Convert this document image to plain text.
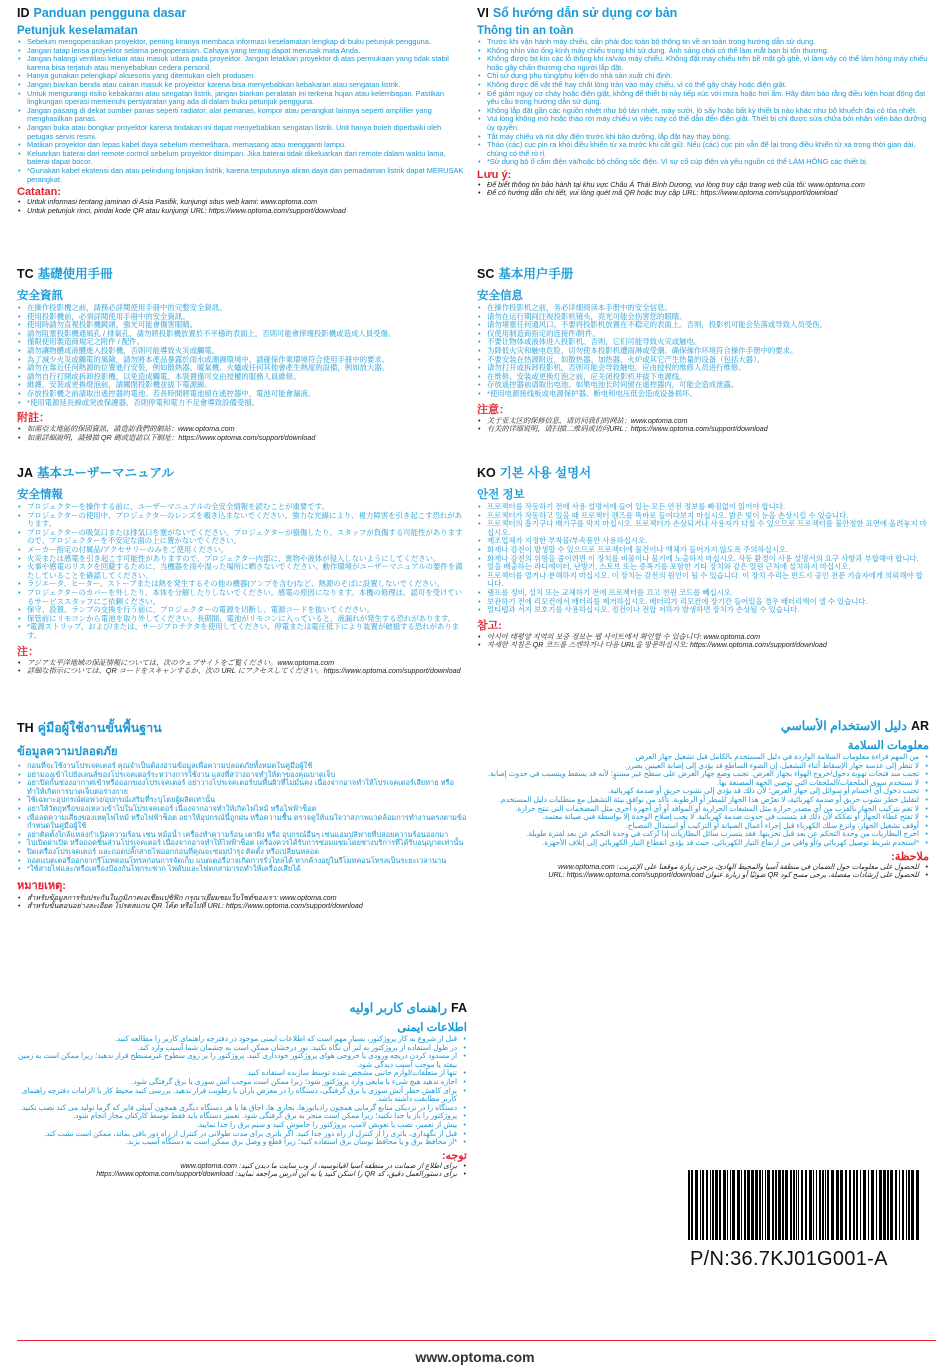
ID Panduan pengguna dasar
Petunjuk keselamatan
• Sebelum mengoperasikan proyektor, penting kiranya membaca informasi keselamatan lengkap di buku petunjuk pengguna.
• Jangan tatap lensa proyektor selama pengoperasian. Cahaya yang terang dapat merusak mata Anda.
• Jangan halangi ventilasi keluar atau masuk udara pada proyektor. Jangan letakkan proyektor di atas permukaan yang tidak stabil karena bisa terjatuh atau menyebabkan cedera personil.
• Hanya gunakan pelengkap/ aksesoris yang ditentukan oleh produsen.
• Jangan biarkan benda atau cairan masuk ke proyektor karena bisa menyebabkan kebakaran atau sengatan listrik.
• Untuk mengurangi risiko kebakaran atau sengatan listrik, jangan biarkan peralatan ini terkena hujan atau kelembapan. Pastikan lingkungan operasi memenuhi persyaratan yang ada di dalam buku petunjuk pengguna.
• Jangan pasang di dekat sumber panas seperti radiator, alat pemanas, kompor atau perangkat lainnya seperti amplifier yang menghasilkan panas.
• Jangan buka atau bongkar proyektor karena tindakan ini dapat menyebabkan sengatan listrik. Unit hanya boleh diperbaiki oleh petugas servis resmi.
• Matikan proyektor dan lepas kabel daya sebelum memelihara, memasang atau mengganti lampu.
• Keluarkan baterai dari remote control sebelum proyektor disimpan. Jika baterai tidak dikeluarkan dari remote dalam waktu lama, baterai dapat bocor.
• *Gunakan kabel ekstensi dan atau pelindung lonjakan listrik, karena terputusnya aliran daya dan pemadaman listrik dapat MERUSAK perangkat.
Catatan:
• Untuk informasi tentang jaminan di Asia Pasifik, kunjungi situs web kami: www.optoma.com
• Untuk petunjuk rinci, pindai kode QR atau kunjungi URL: https://www.optoma.com/support/download
TC 基礎使用手冊
安全資訊
• 在操作投影機之前，請務必詳閱使用手冊中的完整安全資訊。
• 使用投影機前，必須詳閱使用手冊中的安全資訊。
• 使用時請勿直視投影機鏡頭，強光可能會傷害眼睛。
• 請勿阻塞投影機通風孔 / 排氣孔，請勿將投影機放置於不平穩的表面上，否則可能會摔壞投影機或造成人員受傷。
• 僅限使用製造商規定之附件 / 配件。
• 請勿讓物體或液體進入投影機，否則可能導致火災或觸電。
• 為了減少火災或觸電的風險，請勿將本產品暴露於雨水或潮濕環境中。請確保作業環境符合使用手冊中的要求。
• 請勿在靠近任何熱源的位置進行安裝，例如散熱器、暖氣機、火爐或任何其他會產生熱度的設備，例如放大器。
• 請勿自行打開或拆卸投影機，以免造成觸電。本裝置僅可交由授權的服務人員維修。
• 維護、安裝或更換燈泡前，請關閉投影機並拔下電源線。
• 存放投影機之前請取出遙控器的電池。若長時間將電池留在遙控器中，電池可能會漏液。
• *使用電源延長線或突波保護器，否則停電和電力不足會導致設備受損。
附註：
• 如需亞太地區的保固資訊，請造訪我們的網站：www.optoma.com
• 如需詳細說明，請掃描 QR 碼或造訪以下網址：https://www.optoma.com/support/download
JA 基本ユーザーマニュアル
安全情報
• プロジェクターを操作する前に、ユーザーマニュアルの全安全情報を読むことが重要です。
• プロジェクターの使用中、プロジェクターのレンズを覗き込まないでください。強力な光線により、視力障害を引き起こす恐れがあります。
• プロジェクターの吸気口または排気口を塞がないでください。プロジェクターが損傷したり、スタッフが負傷する可能性がありますので、プロジェクターを不安定な面の上に置かないでください。
• メーカー指定の付属品/アクセサリーのみをご使用ください。
• 火災または感電を引き起こす可能性がありますので、プロジェクター内部に、異物や液体が侵入しないようにしてください。
• 火事や感電のリスクを回避するために、当機器を雨や湿った場所に晒さないでください。動作環境がユーザーマニュアルの要件を満たしていることを確認してください。
• ラジエータ、ヒーター、ストーブまたは熱を発生するその他の機器(アンプを含む)など、熱源のそばに設置しないでください。
• プロジェクターのカバーを外したり、本体を分解したりしないでください。感電の原因になります。本機の修理は、認可を受けているサービススタッフにご依頼ください。
• 保守、設置、ランプの交換を行う前に、プロジェクターの電源を切断し、電源コードを抜いてください。
• 保管前にリモコンから電池を取り外してください。長期間、電池がリモコンに入っていると、液漏れが発生する恐れがあります。
• *電源ストリップ、および/または、サージプロテクタを使用してください。停電または電圧低下により装置が破損する恐れがあります。
注：
• アジア太平洋地域の保証情報については、次のウェブサイトをご覧ください。www.optoma.com
• 詳細な指示については、QR コードをスキャンするか、次の URL にアクセスしてください。https://www.optoma.com/support/download
TH คู่มือผู้ใช้งานขั้นพื้นฐาน
ข้อมูลความปลอดภัย
• ก่อนที่จะใช้งานโปรเจคเตอร์ คุณจำเป็นต้องอ่านข้อมูลเพื่อความปลอดภัยทั้งหมดในคู่มือผู้ใช้
• อย่ามองเข้าไปยังเลนส์ของโปรเจคเตอร์ระหว่างการใช้งาน แสงที่สว่างอาจทำให้ตาของคุณบาดเจ็บ
• อย่าปิดกั้นช่องอากาศเข้าหรือออกของโปรเจคเตอร์ อย่าวางโปรเจคเตอร์บนพื้นผิวที่ไม่มั่นคง เนื่องจากอาจทำให้โปรเจคเตอร์เสียหาย หรือทำให้เกิดการบาดเจ็บต่อร่างกาย
• ใช้เฉพาะอุปกรณ์ต่อพ่วง/อุปกรณ์เสริมที่ระบุโดยผู้ผลิตเท่านั้น
• อย่าให้วัตถุหรือของเหลวเข้าไปในโปรเจคเตอร์ เนื่องจากอาจทำให้เกิดไฟไหม้ หรือไฟฟ้าช็อต
• เพื่อลดความเสี่ยงของเหตุไฟไหม้ หรือไฟฟ้าช็อต อย่าให้อุปกรณ์นี้ถูกฝน หรือความชื้น ตรวจดูให้แน่ใจว่าสภาพแวดล้อมการทำงานตรงตามข้อกำหนดในคู่มือผู้ใช้
• อย่าติดตั้งใกล้แหล่งกำเนิดความร้อน เช่น หม้อน้ำ เครื่องทำความร้อน เตาผิง หรือ อุปกรณ์อื่นๆ เช่นแอมปลิฟายที่ปล่อยความร้อนออกมา
• ไปเปิดฝาเปิด หรือถอดชิ้นส่วนโปรเจคเตอร์ เนื่องจากอาจทำให้ไฟฟ้าช็อต เครื่องควรได้รับการซ่อมแซมโดยช่างบริการที่ได้รับอนุญาตเท่านั้น
• ปิดเครื่องโปรเจคเตอร์ และถอดปลั๊กสายไฟออกก่อนที่คุณจะซ่อมบำรุง ติดตั้ง หรือเปลี่ยนหลอด
• ถอดแบตเตอรี่ออกจากรีโมทคอนโทรลก่อนการจัดเก็บ แบตเตอรี่อาจเกิดการรั่วไหลได้ หากค้างอยู่ในรีโมทคอนโทรลเป็นระยะเวลานาน
• *ใช้สายไฟและ/หรือเครื่องป้องกันไฟกระชาก ไฟดับและไฟตกสามารถทำให้เครื่องเสียได้
หมายเหตุ:
• สำหรับข้อมูลการรับประกันในภูมิภาคเอเชียแปซิฟิก กรุณาเยี่ยมชมเว็บไซต์ของเรา: www.optoma.com
• สำหรับขั้นตอนอย่างละเอียด โปรดสแกน QR โค้ด หรือไปที่ URL: https://www.optoma.com/support/download
FAراهنمای کاربر اولیه
اطلاعات ایمنی
• قبل از شروع به کار پروژکتور، بسیار مهم است که اطلاعات ایمنی موجود در دفترچه راهنمای کاربر را مطالعه کنید.
• در طول استفاده از پروژکتور به لنز آن نگاه نکنید. نور درخشان ممکن است به چشمان شما آسیب وارد کند.
• از مسدود کردن دریچه ورودی یا خروجی هوای پروژکتور خودداری کنید. پروژکتور را بر روی سطوح غیرمسطح قرار ندهید؛ زیرا ممکن است به زمین بیفتد یا موجب آسیب دیدگی شود.
• تنها از متعلقات/لوازم جانبی مشخص شده توسط سازنده استفاده کنید.
• اجازه ندهید هیچ شیء یا مایعی وارد پروژکتور شود؛ زیرا ممکن است موجب آتش سوزی یا برق گرفتگی شود.
• برای کاهش خطر آتش سوزی یا برق گرفتگی، دستگاه را در معرض باران یا رطوبت قرار ندهید. بررسی کنید محیط کار با الزامات دفترچه راهنمای کاربر مطابقت داشته باشد.
• دستگاه را در نزدیکی منابع گرمایی همچون رادیاتورها، بخاری ها، اجاق ها یا هر دستگاه دیگری همچون آمپلی فایر که گرما تولید می کند نصب نکنید.
• پروژکتور را باز یا جدا نکنید؛ زیرا ممکن است منجر به برق گرفتگی شود. تعمیر دستگاه باید فقط توسط کارکنان مجاز انجام شود.
• پیش از تعمیر، نصب یا تعویض لامپ، پروژکتور را خاموش کنید و سیم برق را جدا نمایید.
• قبل از نگهداری، باتری را از کنترل از راه دور جدا کنید. اگر باتری برای مدت طولانی در کنترل از راه دور باقی بماند، ممکن است نشت کند.
• *از محافظ برق و یا محافظ نوسان برق استفاده کنید؛ زیرا قطع و وصل برق ممکن است به دستگاه آسیب بزند.
توجه:
• برای اطلاع از ضمانت در منطقه آسیا اقیانوسیه، از وب سایت ما دیدن کنید: www.optoma.com
• برای دستورالعمل دقیق، کد QR را اسکن کنید یا به این آدرس مراجعه نمایید: https://www.optoma.com/support/download
VI Sổ hướng dẫn sử dụng cơ bản
Thông tin an toàn
• Trước khi vận hành máy chiếu, cần phải đọc toàn bộ thông tin về an toàn trong hướng dẫn sử dụng.
• Không nhìn vào ống kính máy chiếu trong khi sử dụng. Ánh sáng chói có thể làm mắt bạn bị tổn thương.
• Không được bịt kín các lỗ thông khí ra/vào máy chiếu. Không đặt máy chiếu trên bề mặt gồ ghề, vì làm vậy có thể làm hỏng máy chiếu hoặc gây chấn thương cho người lắp đặt.
• Chỉ sử dụng phụ tùng/phụ kiện do nhà sản xuất chỉ định.
• Không được để vật thể hay chất lỏng tràn vào máy chiếu, vì có thể gây cháy hoặc điện giật.
• Để giảm nguy cơ cháy hoặc điện giật, không để thiết bị này tiếp xúc với mưa hoặc hơi ẩm. Hãy đảm bảo rằng điều kiện hoạt động đạt yêu cầu trong hướng dẫn sử dụng.
• Không lắp đặt gần các nguồn nhiệt như bộ tản nhiệt, máy sưởi, lò sấy hoặc bất kỳ thiết bị nào khác như bộ khuếch đại có tỏa nhiệt.
• Vui lòng không mở hoặc tháo rời máy chiếu vì việc này có thể dẫn đến điện giật. Thiết bị chỉ được sửa chữa bởi nhân viên bảo dưỡng ủy quyền.
• Tắt máy chiếu và rút dây điện trước khi bảo dưỡng, lắp đặt hay thay bóng.
• Tháo (các) cục pin ra khỏi điều khiển từ xa trước khi cất giữ. Nếu (các) cục pin vẫn để lại trong điều khiển từ xa trong thời gian dài, chúng có thể rò rỉ.
• *Sử dụng bộ ổ cắm điện và/hoặc bộ chống sốc điện. Vì sự cố cúp điện và yếu nguồn có thể LÀM HỎNG các thiết bị.
Lưu ý:
• Để biết thông tin bảo hành tại khu vực Châu Á Thái Bình Dương, vui lòng truy cập trang web của tôi: www.optoma.com
• Để có hướng dẫn chi tiết, vui lòng quét mã QR hoặc truy cập URL: https://www.optoma.com/support/download
SC 基本用户手册
安全信息
• 在操作投影机之前，务必详细阅读本手册中的安全信息。
• 请勿在运行期间注视投影机镜头，亮光可能会伤害您的眼睛。
• 请勿堵塞任何通风口。不要将投影机放置在不稳定的表面上。否则，投影机可能会坠落或导致人员受伤。
• 仅使用制造商指定的连接件/附件。
• 不要让物体或液体进入投影机。否则，它们可能导致火灾或触电。
• 为降低火灾和触电危险，切勿使本投影机遭雨淋或受潮。确保操作环境符合操作手册中的要求。
• 不要安装在热源附近，如散热器、加热器、火炉或其它产生热量的设备（包括大器）。
• 请勿打开或拆卸投影机，否则可能会导致触电。应由授权的维修人员进行维修。
• 在维修、安装或更换灯泡之前，应关闭投影机并拔下电源线。
• 存放遥控器前请取出电池。如果电池长时间留在遥控器内，可能会造成泄露。
• *使用电源接线板或电源保护器。断电和电压低会造成设备损坏。
注意：
• 关于亚太区的保修信息，请访问我们的网站：www.optoma.com
• 有关的详细说明，请扫描二维码或访问URL：https://www.optoma.com/support/download
KO 기본 사용 설명서
안전 정보
• 프로젝터를 작동하기 전에 사용 설명서에 들어 있는 모든 안전 정보를 빠짐없이 읽어야 합니다.
• 프로젝터가 작동하고 있을 때 프로젝터 렌즈를 똑바로 들여다보지 마십시오. 밝은 빛이 눈을 손상시킬 수 있습니다.
• 프로젝터의 흡기구나 배기구를 막지 마십시오. 프로젝터가 손상되거나 사용자가 다칠 수 있으므로 프로젝터를 불안정한 표면에 올려놓지 마십시오.
• 제조업체가 지정한 부착물/부속품만 사용하십시오.
• 화재나 감전이 발생할 수 있으므로 프로젝터에 물건이나 액체가 들어가지 않도록 주의하십시오.
• 화재나 감전의 위험을 줄이려면 이 장치를 비물이나 물기에 노출하지 마십시오. 작동 환경이 사용 설명서의 요구 사항과 부합해야 합니다.
• 열을 배출하는 라디에이터, 난방기, 스토브 또는 증폭기를 포함한 기타 장치와 같은 열원 근처에 설치하지 마십시오.
• 프로젝터를 열거나 분해하지 마십시오. 이 장치는 감전의 원인이 될 수 있습니다. 이 장치 수리는 반드시 공인 전문 기술자에게 의뢰해야 합니다.
• 램프를 정비, 설치 또는 교체하기 전에 프로젝터를 끄고 전원 코드를 빼십시오.
• 보관하기 전에 리모컨에서 배터리를 제거하십시오. 배터리가 리모컨에 장기간 들어있을 경우 배터리액이 샐 수 있습니다.
• 멀티탭과 서지 보호기를 사용하십시오. 정전이나 전압 저하가 발생하면 장치가 손상될 수 있습니다.
참고:
• 아시아 태평양 지역의 보증 정보는 웹 사이트에서 확인할 수 있습니다: www.optoma.com
• 자세한 지침은 QR 코드를 스캔하거나 다음 URL을 방문하십시오: https://www.optoma.com/support/download
ARدليل الاستخدام الأساسي
معلومات السلامة
• من المهم قراءة معلومات السلامة الواردة في دليل المستخدم بالكامل قبل تشغيل جهاز العرض.
• لا تنظر إلى عدسة جهاز الإسقاط أثناء التشغيل. إن الضوء الساطع قد يؤدي إلى إصابة العينين بضرر.
• تجنب سد فتحات تهوية دخول/خروج الهواء بجهاز العرض. تجنب وضع جهاز العرض على سطح غير مستوٍ؛ لأنه قد يسقط ويتسبب في حدوث إصابة.
• لا تستخدم سوى الملحقات/الملحقات التي توصي الجهة المصنعة بها.
• تجنب دخول أي أجسام أو سوائل إلى جهاز العرض؛ لأن ذلك قد يؤدي إلى نشوب حريق أو صدمة كهربائية.
• لتقليل خطر نشوب حريق أو صدمة كهربائية، لا تعرّض هذا الجهاز للمطر أو الرطوبة. تأكد من توافق بيئة التشغيل مع متطلبات دليل المستخدم.
• لا تقم بتركيب الجهاز بالقرب من أي مصدر حرارة مثل المشعات الحرارية أو المواقد أو أي أجهزة أخرى مثل المضخمات التي تنتج حرارة.
• لا تفتح غطاء الجهاز أو تفككه لأن ذلك قد يتسبب في حدوث صدمة كهربائية. لا يجب إصلاح الوحدة إلا بواسطة فني صيانة معتمد.
• أوقف تشغيل الجهاز، وانزع سلك الكهرباء قبل إجراء أعمال الصيانة أو التركيب أو استبدال المصباح.
• اخرج البطاريات من وحدة التحكم عن بعد قبل تخزينها. فقد يتسرب سائل البطاريات إذا تُركت في وحدة التحكم عن بعد لفترة طويلة.
• *استخدم شريط توصيل كهربائي و/أو واقي من ارتفاع التيار الكهربائي، حيث قد يؤدي انقطاع التيار الكهربائي إلى إتلاف الأجهزة.
ملاحظة:
• للحصول على معلومات حول الضمان في منطقة آسيا والمحيط الهادئ، يرجى زيارة موقعنا على الإنترنت: www.optoma.com
• للحصول على إرشادات مفصلة، يرجى مسح كود QR ضوئيًا أو زيارة عنوان URL: https://www.optoma.com/support/download
P/N:36.7KJ01G001-A
www.optoma.com
